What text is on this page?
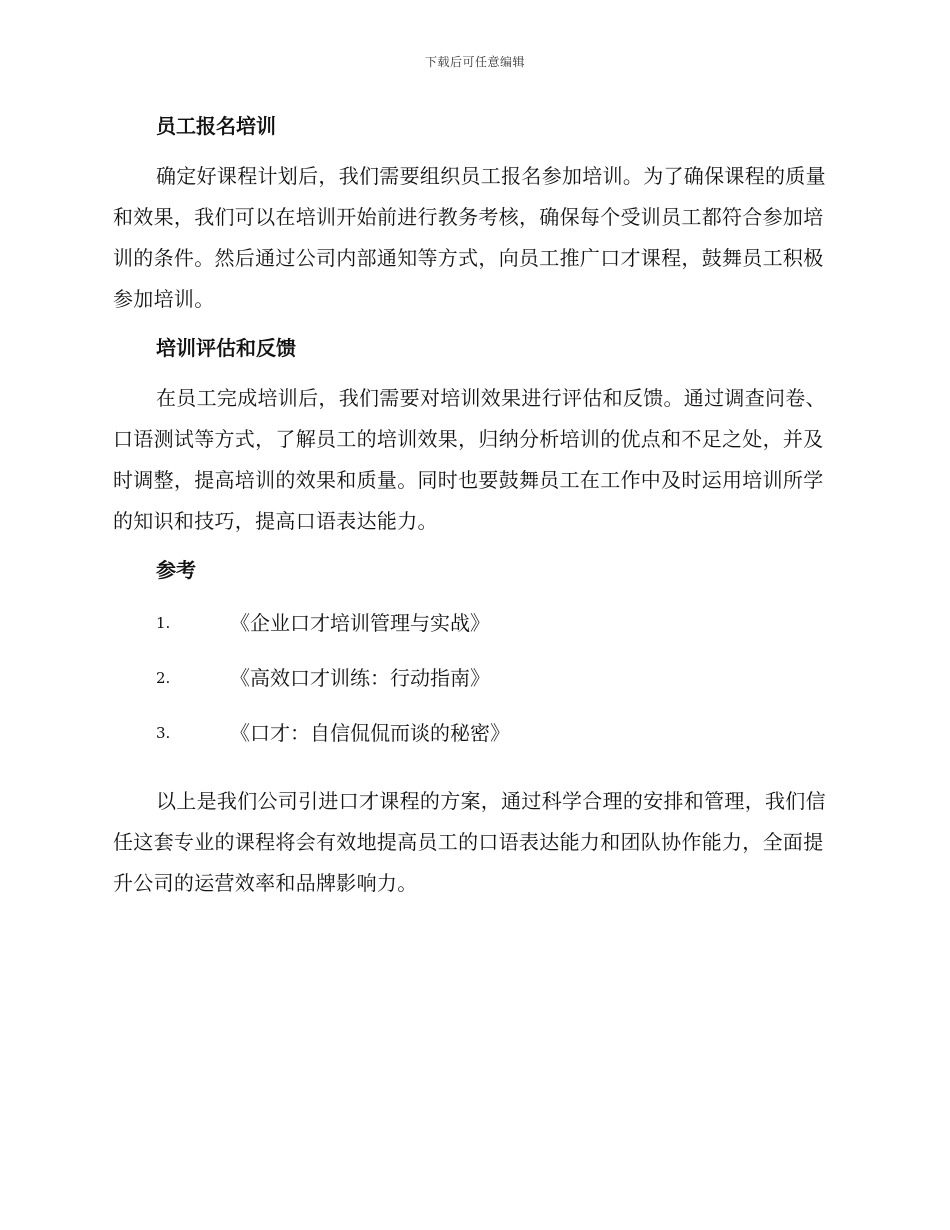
下载后可任意编辑
员工报名培训

确定好课程计划后，我们需要组织员工报名参加培训。为了确保课程的质量和效果，我们可以在培训开始前进行教务考核，确保每个受训员工都符合参加培训的条件。然后通过公司内部通知等方式，向员工推广口才课程，鼓舞员工积极参加培训。

培训评估和反馈

在员工完成培训后，我们需要对培训效果进行评估和反馈。通过调查问卷、口语测试等方式，了解员工的培训效果，归纳分析培训的优点和不足之处，并及时调整，提高培训的效果和质量。同时也要鼓舞员工在工作中及时运用培训所学的知识和技巧，提高口语表达能力。

参考
1.	《企业口才培训管理与实战》
2.	《高效口才训练：行动指南》
3.	《口才：自信侃侃而谈的秘密》

以上是我们公司引进口才课程的方案，通过科学合理的安排和管理，我们信任这套专业的课程将会有效地提高员工的口语表达能力和团队协作能力，全面提升公司的运营效率和品牌影响力。
